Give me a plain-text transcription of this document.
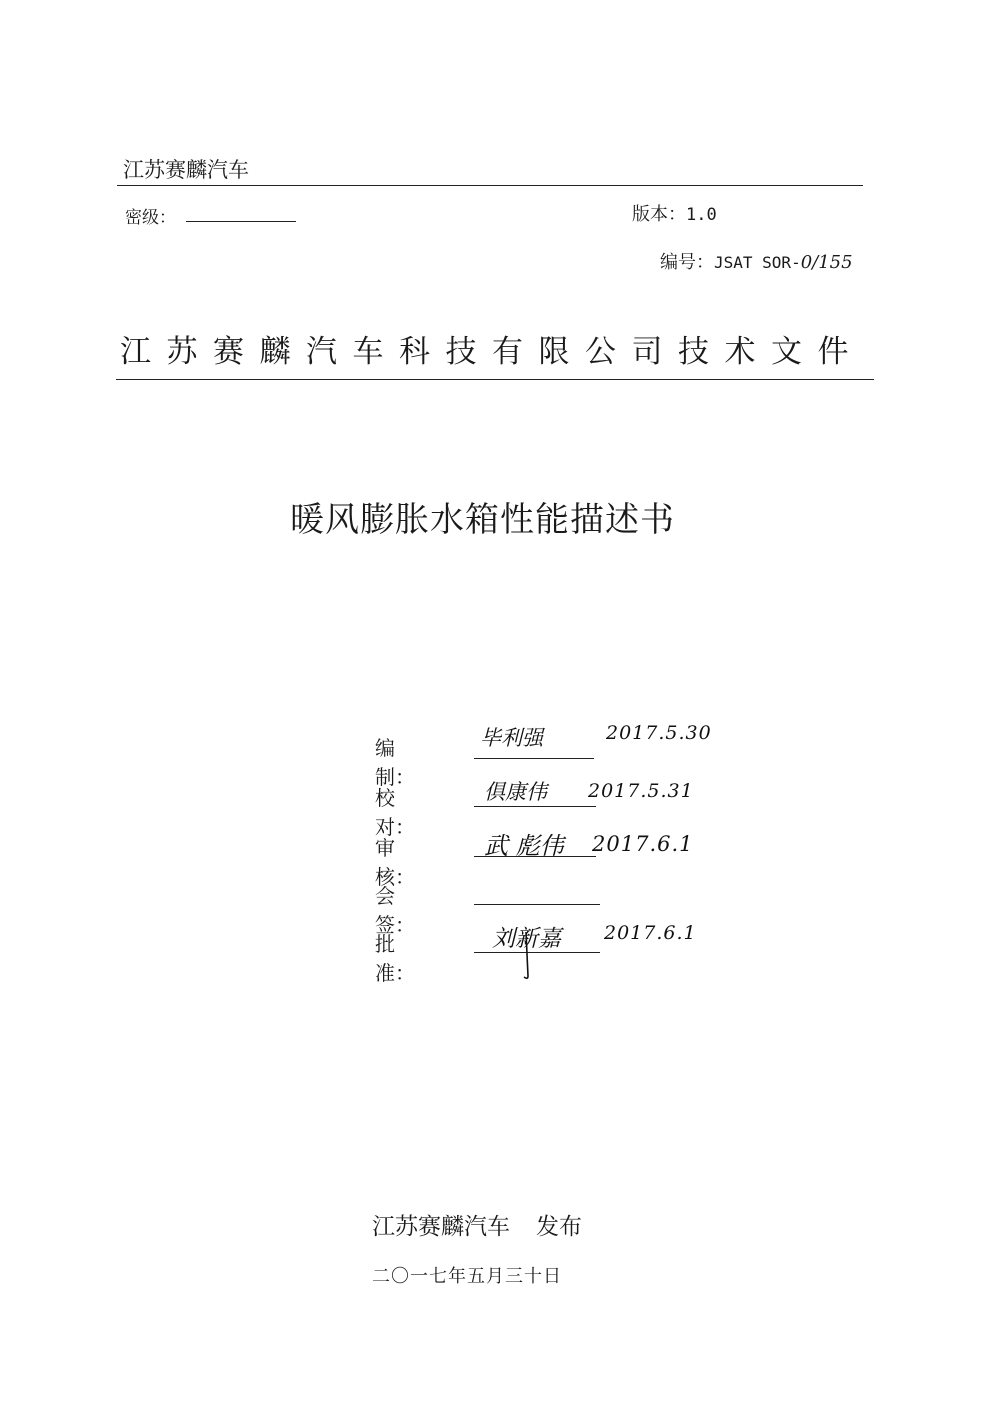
江苏赛麟汽车
密级：	版本：1.0
编号：JSAT SOR-0/155
江苏赛麟汽车科技有限公司技术文件
暖风膨胀水箱性能描述书
编制：
毕利强	2017.5.30
校对：
俱康伟 2017.5.31
审核：
武 彪伟 2017.6.1
会签：
批准：
刘新嘉 2017.6.1
江苏赛麟汽车 发布
二〇一七年五月三十日
